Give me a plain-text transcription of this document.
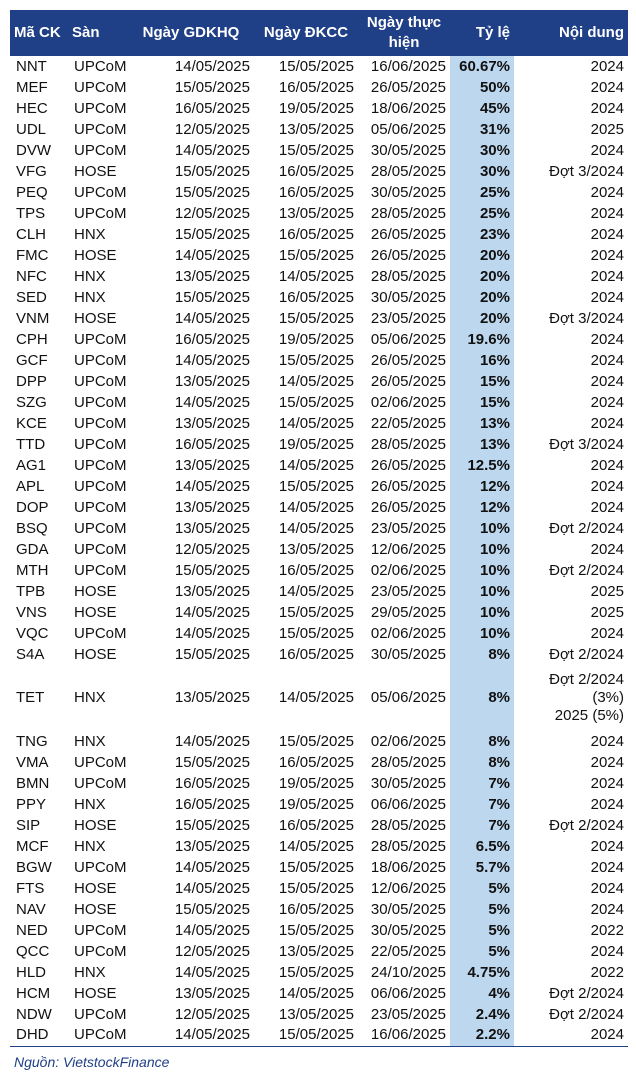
Mã CK	Sàn	Ngày GDKHQ	Ngày ĐKCC	Ngày thực hiện	Tỷ lệ	Nội dung
NNT	UPCoM	14/05/2025	15/05/2025	16/06/2025	60.67%	2024
MEF	UPCoM	15/05/2025	16/05/2025	26/05/2025	50%	2024
HEC	UPCoM	16/05/2025	19/05/2025	18/06/2025	45%	2024
UDL	UPCoM	12/05/2025	13/05/2025	05/06/2025	31%	2025
DVW	UPCoM	14/05/2025	15/05/2025	30/05/2025	30%	2024
VFG	HOSE	15/05/2025	16/05/2025	28/05/2025	30%	Đợt 3/2024
PEQ	UPCoM	15/05/2025	16/05/2025	30/05/2025	25%	2024
TPS	UPCoM	12/05/2025	13/05/2025	28/05/2025	25%	2024
CLH	HNX	15/05/2025	16/05/2025	26/05/2025	23%	2024
FMC	HOSE	14/05/2025	15/05/2025	26/05/2025	20%	2024
NFC	HNX	13/05/2025	14/05/2025	28/05/2025	20%	2024
SED	HNX	15/05/2025	16/05/2025	30/05/2025	20%	2024
VNM	HOSE	14/05/2025	15/05/2025	23/05/2025	20%	Đợt 3/2024
CPH	UPCoM	16/05/2025	19/05/2025	05/06/2025	19.6%	2024
GCF	UPCoM	14/05/2025	15/05/2025	26/05/2025	16%	2024
DPP	UPCoM	13/05/2025	14/05/2025	26/05/2025	15%	2024
SZG	UPCoM	14/05/2025	15/05/2025	02/06/2025	15%	2024
KCE	UPCoM	13/05/2025	14/05/2025	22/05/2025	13%	2024
TTD	UPCoM	16/05/2025	19/05/2025	28/05/2025	13%	Đợt 3/2024
AG1	UPCoM	13/05/2025	14/05/2025	26/05/2025	12.5%	2024
APL	UPCoM	14/05/2025	15/05/2025	26/05/2025	12%	2024
DOP	UPCoM	13/05/2025	14/05/2025	26/05/2025	12%	2024
BSQ	UPCoM	13/05/2025	14/05/2025	23/05/2025	10%	Đợt 2/2024
GDA	UPCoM	12/05/2025	13/05/2025	12/06/2025	10%	2024
MTH	UPCoM	15/05/2025	16/05/2025	02/06/2025	10%	Đợt 2/2024
TPB	HOSE	13/05/2025	14/05/2025	23/05/2025	10%	2025
VNS	HOSE	14/05/2025	15/05/2025	29/05/2025	10%	2025
VQC	UPCoM	14/05/2025	15/05/2025	02/06/2025	10%	2024
S4A	HOSE	15/05/2025	16/05/2025	30/05/2025	8%	Đợt 2/2024
TET	HNX	13/05/2025	14/05/2025	05/06/2025	8%	Đợt 2/2024 (3%)
2025 (5%)
TNG	HNX	14/05/2025	15/05/2025	02/06/2025	8%	2024
VMA	UPCoM	15/05/2025	16/05/2025	28/05/2025	8%	2024
BMN	UPCoM	16/05/2025	19/05/2025	30/05/2025	7%	2024
PPY	HNX	16/05/2025	19/05/2025	06/06/2025	7%	2024
SIP	HOSE	15/05/2025	16/05/2025	28/05/2025	7%	Đợt 2/2024
MCF	HNX	13/05/2025	14/05/2025	28/05/2025	6.5%	2024
BGW	UPCoM	14/05/2025	15/05/2025	18/06/2025	5.7%	2024
FTS	HOSE	14/05/2025	15/05/2025	12/06/2025	5%	2024
NAV	HOSE	15/05/2025	16/05/2025	30/05/2025	5%	2024
NED	UPCoM	14/05/2025	15/05/2025	30/05/2025	5%	2022
QCC	UPCoM	12/05/2025	13/05/2025	22/05/2025	5%	2024
HLD	HNX	14/05/2025	15/05/2025	24/10/2025	4.75%	2022
HCM	HOSE	13/05/2025	14/05/2025	06/06/2025	4%	Đợt 2/2024
NDW	UPCoM	12/05/2025	13/05/2025	23/05/2025	2.4%	Đợt 2/2024
DHD	UPCoM	14/05/2025	15/05/2025	16/06/2025	2.2%	2024
Nguồn: VietstockFinance
